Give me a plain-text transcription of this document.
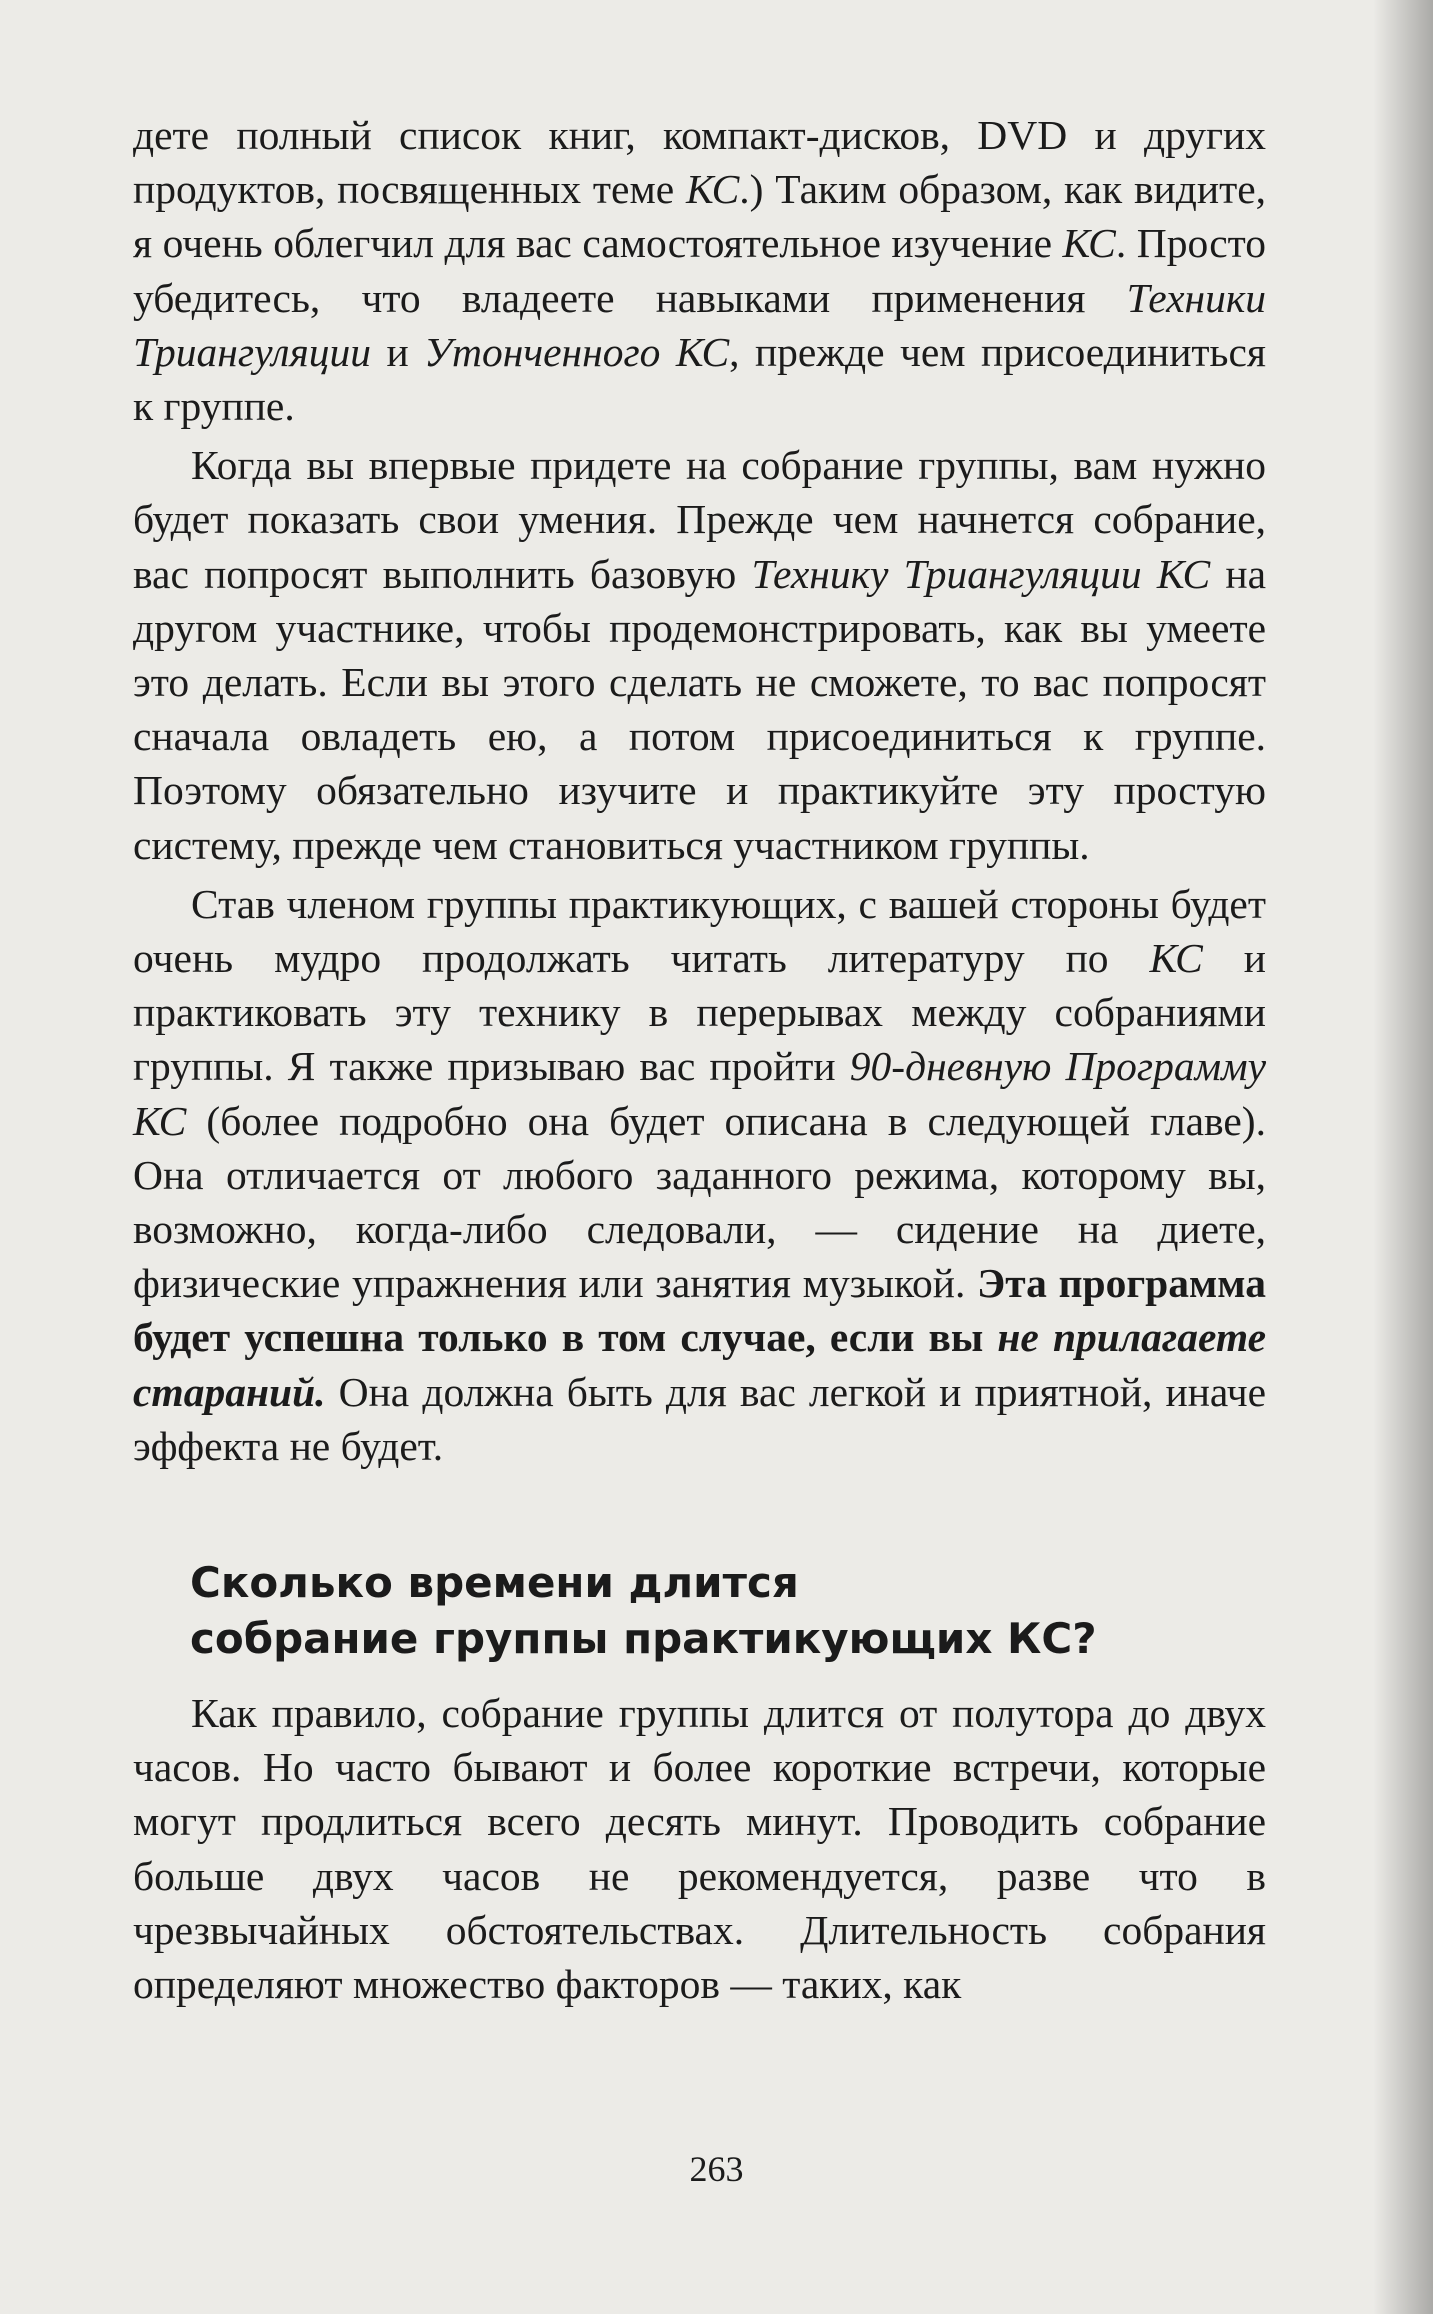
дете полный список книг, компакт-дисков, DVD и других продуктов, посвященных теме КС.) Таким образом, как видите, я очень облегчил для вас самостоятельное изучение КС. Просто убедитесь, что владеете навыками применения Техники Триангуляции и Утонченного КС, прежде чем присоединиться к группе.

Когда вы впервые придете на собрание группы, вам нужно будет показать свои умения. Прежде чем начнется собрание, вас попросят выполнить базовую Технику Триангуляции КС на другом участнике, чтобы продемонстрировать, как вы умеете это делать. Если вы этого сделать не сможете, то вас попросят сначала овладеть ею, а потом присоединиться к группе. Поэтому обязательно изучите и практикуйте эту простую систему, прежде чем становиться участником группы.

Став членом группы практикующих, с вашей стороны будет очень мудро продолжать читать литературу по КС и практиковать эту технику в перерывах между собраниями группы. Я также призываю вас пройти 90-дневную Программу КС (более подробно она будет описана в следующей главе). Она отличается от любого заданного режима, которому вы, возможно, когда-либо следовали, — сидение на диете, физические упражнения или занятия музыкой. Эта программа будет успешна только в том случае, если вы не прилагаете стараний. Она должна быть для вас легкой и приятной, иначе эффекта не будет.

Сколько времени длится
собрание группы практикующих КС?

Как правило, собрание группы длится от полутора до двух часов. Но часто бывают и более короткие встречи, которые могут продлиться всего десять минут. Проводить собрание больше двух часов не рекомендуется, разве что в чрезвычайных обстоятельствах. Длительность собрания определяют множество факторов — таких, как

263
